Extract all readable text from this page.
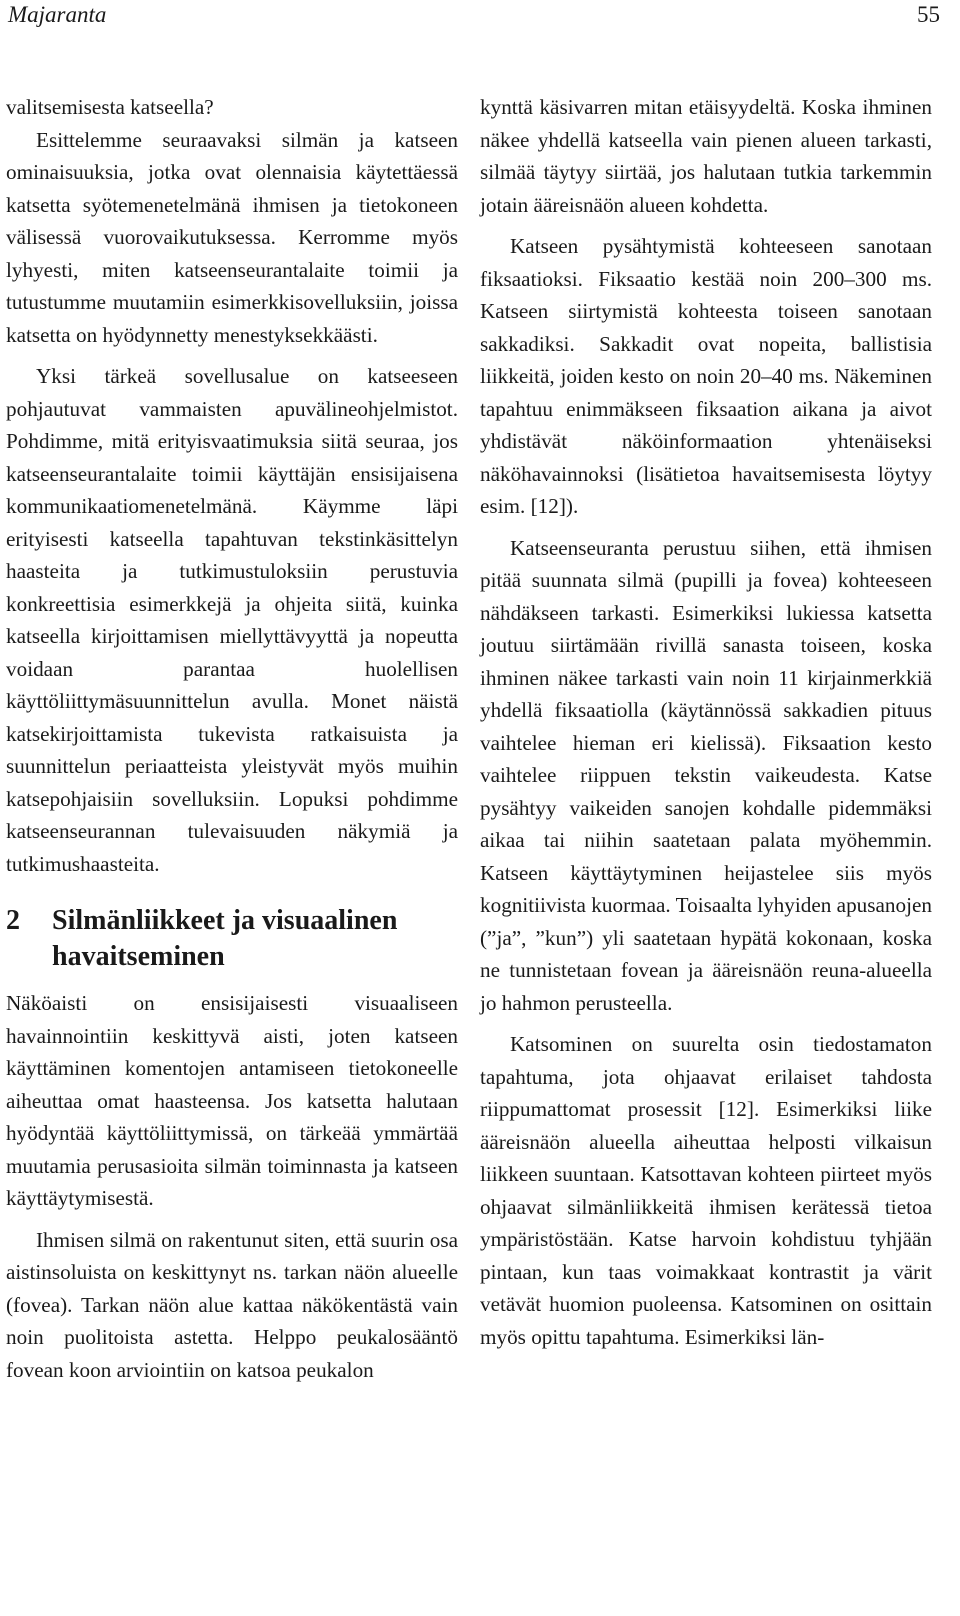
Majaranta	55

valitsemisesta katseella?

Esittelemme seuraavaksi silmän ja katseen ominaisuuksia, jotka ovat olennaisia käytettäessä katsetta syötemenetelmänä ihmisen ja tietokoneen välisessä vuorovaikutuksessa. Kerromme myös lyhyesti, miten katseenseurantalaite toimii ja tutustumme muutamiin esimerkkisovelluksiin, joissa katsetta on hyödynnetty menestyksekkäästi.

Yksi tärkeä sovellusalue on katseeseen pohjautuvat vammaisten apuvälineohjelmistot. Pohdimme, mitä erityisvaatimuksia siitä seuraa, jos katseenseurantalaite toimii käyttäjän ensisijaisena kommunikaatiomenetelmänä. Käymme läpi erityisesti katseella tapahtuvan tekstinkäsittelyn haasteita ja tutkimustuloksiin perustuvia konkreettisia esimerkkejä ja ohjeita siitä, kuinka katseella kirjoittamisen miellyttävyyttä ja nopeutta voidaan parantaa huolellisen käyttöliittymäsuunnittelun avulla. Monet näistä katsekirjoittamista tukevista ratkaisuista ja suunnittelun periaatteista yleistyvät myös muihin katsepohjaisiin sovelluksiin. Lopuksi pohdimme katseenseurannan tulevaisuuden näkymiä ja tutkimushaasteita.

2	Silmänliikkeet ja visuaalinen havaitseminen

Näköaisti on ensisijaisesti visuaaliseen havainnointiin keskittyvä aisti, joten katseen käyttäminen komentojen antamiseen tietokoneelle aiheuttaa omat haasteensa. Jos katsetta halutaan hyödyntää käyttöliittymissä, on tärkeää ymmärtää muutamia perusasioita silmän toiminnasta ja katseen käyttäytymisestä.

Ihmisen silmä on rakentunut siten, että suurin osa aistinsoluista on keskittynyt ns. tarkan näön alueelle (fovea). Tarkan näön alue kattaa näkökentästä vain noin puolitoista astetta. Helppo peukalosääntö fovean koon arviointiin on katsoa peukalon

kynttä käsivarren mitan etäisyydeltä. Koska ihminen näkee yhdellä katseella vain pienen alueen tarkasti, silmää täytyy siirtää, jos halutaan tutkia tarkemmin jotain ääreisnäön alueen kohdetta.

Katseen pysähtymistä kohteeseen sanotaan fiksaatioksi. Fiksaatio kestää noin 200–300 ms. Katseen siirtymistä kohteesta toiseen sanotaan sakkadiksi. Sakkadit ovat nopeita, ballistisia liikkeitä, joiden kesto on noin 20–40 ms. Näkeminen tapahtuu enimmäkseen fiksaation aikana ja aivot yhdistävät näköinformaation yhtenäiseksi näköhavainnoksi (lisätietoa havaitsemisesta löytyy esim. [12]).

Katseenseuranta perustuu siihen, että ihmisen pitää suunnata silmä (pupilli ja fovea) kohteeseen nähdäkseen tarkasti. Esimerkiksi lukiessa katsetta joutuu siirtämään rivillä sanasta toiseen, koska ihminen näkee tarkasti vain noin 11 kirjainmerkkiä yhdellä fiksaatiolla (käytännössä sakkadien pituus vaihtelee hieman eri kielissä). Fiksaation kesto vaihtelee riippuen tekstin vaikeudesta. Katse pysähtyy vaikeiden sanojen kohdalle pidemmäksi aikaa tai niihin saatetaan palata myöhemmin. Katseen käyttäytyminen heijastelee siis myös kognitiivista kuormaa. Toisaalta lyhyiden apusanojen (”ja”, ”kun”) yli saatetaan hypätä kokonaan, koska ne tunnistetaan fovean ja ääreisnäön reuna-alueella jo hahmon perusteella.

Katsominen on suurelta osin tiedostamaton tapahtuma, jota ohjaavat erilaiset tahdosta riippumattomat prosessit [12]. Esimerkiksi liike ääreisnäön alueella aiheuttaa helposti vilkaisun liikkeen suuntaan. Katsottavan kohteen piirteet myös ohjaavat silmänliikkeitä ihmisen kerätessä tietoa ympäristöstään. Katse harvoin kohdistuu tyhjään pintaan, kun taas voimakkaat kontrastit ja värit vetävät huomion puoleensa. Katsominen on osittain myös opittu tapahtuma. Esimerkiksi län-
